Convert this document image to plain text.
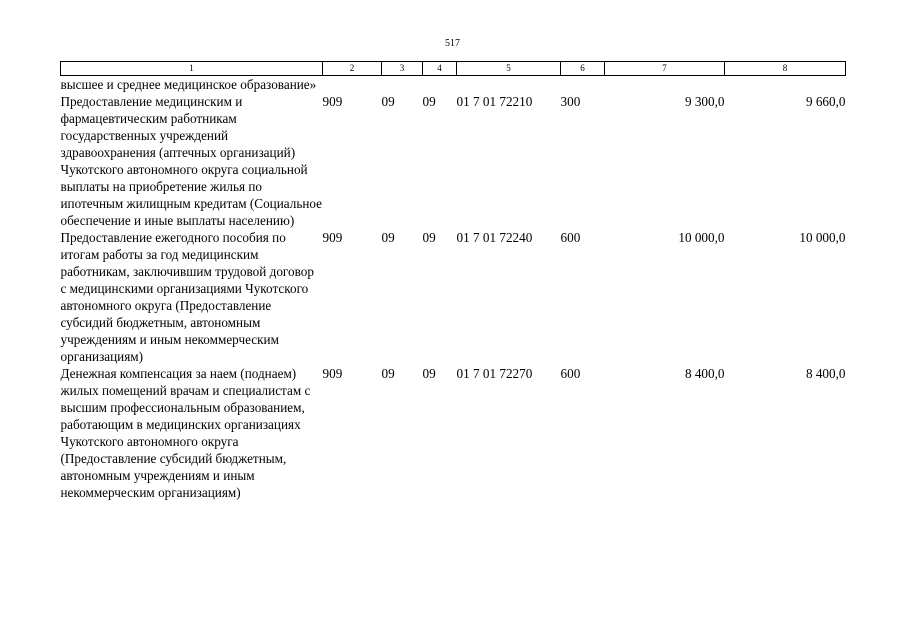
517
1	2	3	4	5	6	7	8
высшее и среднее медицинское образование»							
Предоставление медицинским и фармацевтическим работникам государственных учреждений здравоохранения (аптечных организаций) Чукотского автономного округа социальной выплаты на приобретение жилья по ипотечным жилищным кредитам (Социальное обеспечение и иные выплаты населению)	909	09	09	01 7 01 72210	300	9 300,0	9 660,0
Предоставление ежегодного пособия по итогам работы за год медицинским работникам, заключившим трудовой договор с медицинскими организациями Чукотского автономного округа (Предоставление субсидий бюджетным, автономным учреждениям и иным некоммерческим организациям)	909	09	09	01 7 01 72240	600	10 000,0	10 000,0
Денежная компенсация за наем (поднаем) жилых помещений врачам и специалистам с высшим профессиональным образованием, работающим в медицинских организациях Чукотского автономного округа (Предоставление субсидий бюджетным, автономным учреждениям и иным некоммерческим организациям)	909	09	09	01 7 01 72270	600	8 400,0	8 400,0
